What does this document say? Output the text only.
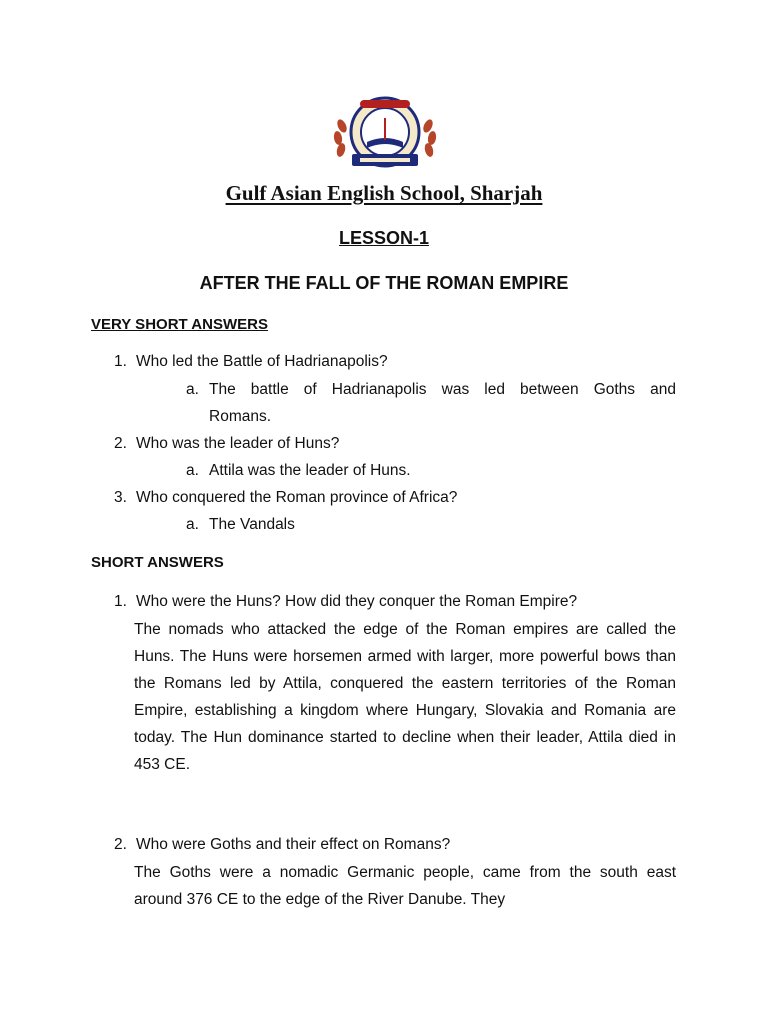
Gulf Asian English School, Sharjah
LESSON-1
AFTER THE FALL OF THE ROMAN EMPIRE
VERY SHORT ANSWERS
1. Who led the Battle of Hadrianapolis?
a. The battle of Hadrianapolis was led between Goths and
Romans.
2. Who was the leader of Huns?
a. Attila was the leader of Huns.
3. Who conquered the Roman province of Africa?
a. The Vandals
SHORT ANSWERS
1. Who were the Huns? How did they conquer the Roman Empire?
The nomads who attacked the edge of the Roman empires are called the Huns. The Huns were horsemen armed with larger, more powerful bows than the Romans led by Attila, conquered the eastern territories of the Roman Empire, establishing a kingdom where Hungary, Slovakia and Romania are today. The Hun dominance started to decline when their leader, Attila died in 453 CE.
2. Who were Goths and their effect on Romans?
The Goths were a nomadic Germanic people, came from the south east around 376 CE to the edge of the River Danube. They
